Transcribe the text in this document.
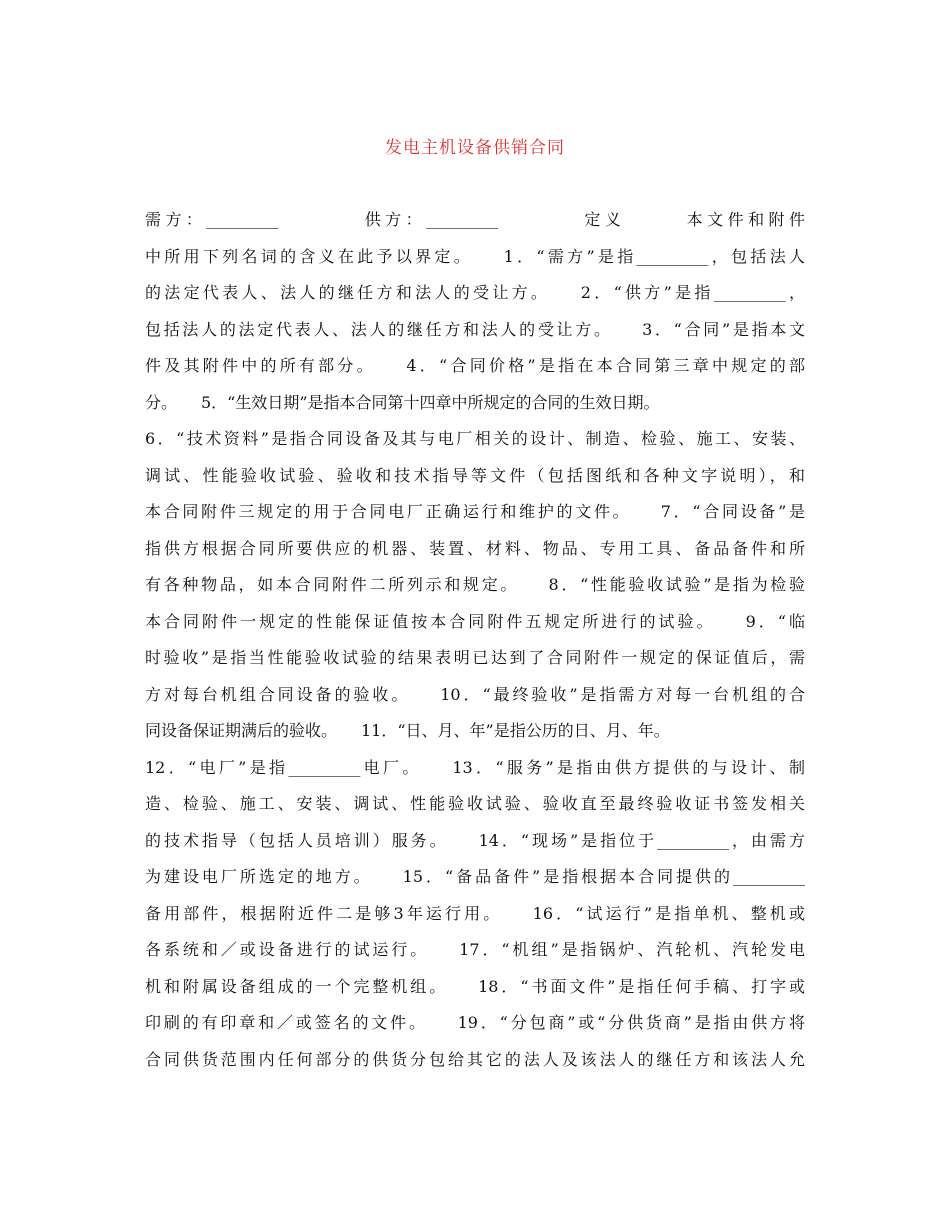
发电主机设备供销合同
需方：_________　　　　供方：_________　　　　定义　　　本文件和附件
中所用下列名词的含义在此予以界定。　　1．“需方”是指_________，包括法人
的法定代表人、法人的继任方和法人的受让方。　　2．“供方”是指_________，
包括法人的法定代表人、法人的继任方和法人的受让方。　　3．“合同”是指本文
件及其附件中的所有部分。　　4．“合同价格”是指在本合同第三章中规定的部
分。　　5．“生效日期”是指本合同第十四章中所规定的合同的生效日期。
6．“技术资料”是指合同设备及其与电厂相关的设计、制造、检验、施工、安装、
调试、性能验收试验、验收和技术指导等文件（包括图纸和各种文字说明），和
本合同附件三规定的用于合同电厂正确运行和维护的文件。　　7．“合同设备”是
指供方根据合同所要供应的机器、装置、材料、物品、专用工具、备品备件和所
有各种物品，如本合同附件二所列示和规定。　　8．“性能验收试验”是指为检验
本合同附件一规定的性能保证值按本合同附件五规定所进行的试验。　　9．“临
时验收”是指当性能验收试验的结果表明已达到了合同附件一规定的保证值后，需
方对每台机组合同设备的验收。　　10．“最终验收”是指需方对每一台机组的合
同设备保证期满后的验收。　　11．“日、月、年”是指公历的日、月、年。
12．“电厂”是指_________电厂。　　13．“服务”是指由供方提供的与设计、制
造、检验、施工、安装、调试、性能验收试验、验收直至最终验收证书签发相关
的技术指导（包括人员培训）服务。　　14．“现场”是指位于_________，由需方
为建设电厂所选定的地方。　　15．“备品备件”是指根据本合同提供的_________
备用部件，根据附近件二是够3年运行用。　　16．“试运行”是指单机、整机或
各系统和／或设备进行的试运行。　　17．“机组”是指锅炉、汽轮机、汽轮发电
机和附属设备组成的一个完整机组。　　18．“书面文件”是指任何手稿、打字或
印刷的有印章和／或签名的文件。　　19．“分包商”或“分供货商”是指由供方将
合同供货范围内任何部分的供货分包给其它的法人及该法人的继任方和该法人允
